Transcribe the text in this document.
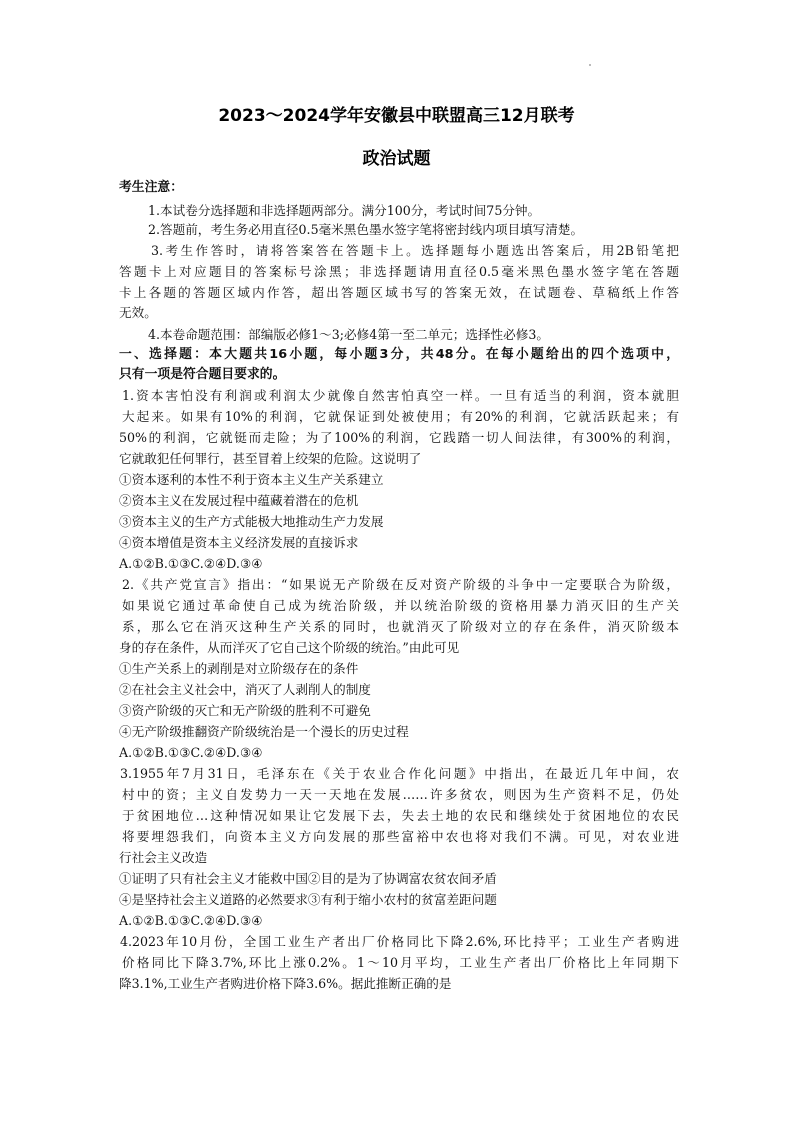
2023～2024学年安徽县中联盟高三12月联考
政治试题
考生注意：
1.本试卷分选择题和非选择题两部分。满分100分，考试时间75分钟。
2.答题前，考生务必用直径0.5毫米黑色墨水签字笔将密封线内项目填写清楚。
3.考生作答时，请将答案答在答题卡上。选择题每小题选出答案后，用2B铅笔把
答题卡上对应题目的答案标号涂黑；非选择题请用直径0.5毫米黑色墨水签字笔在答题
卡上各题的答题区域内作答，超出答题区域书写的答案无效，在试题卷、草稿纸上作答
无效。
4.本卷命题范围：部编版必修1～3;必修4第一至二单元；选择性必修3。
一、选择题：本大题共16小题，每小题3分，共48分。在每小题给出的四个选项中，
只有一项是符合题目要求的。
1.资本害怕没有利润或利润太少就像自然害怕真空一样。一旦有适当的利润，资本就胆
大起来。如果有10%的利润，它就保证到处被使用；有20%的利润，它就活跃起来；有
50%的利润，它就铤而走险；为了100%的利润，它践踏一切人间法律，有300%的利润，
它就敢犯任何罪行，甚至冒着上绞架的危险。这说明了
①资本逐利的本性不利于资本主义生产关系建立
②资本主义在发展过程中蕴藏着潜在的危机
③资本主义的生产方式能极大地推动生产力发展
④资本增值是资本主义经济发展的直接诉求
A.①②B.①③C.②④D.③④
2.《共产党宣言》指出：“如果说无产阶级在反对资产阶级的斗争中一定要联合为阶级，
如果说它通过革命使自己成为统治阶级，并以统治阶级的资格用暴力消灭旧的生产关
系，那么它在消灭这种生产关系的同时，也就消灭了阶级对立的存在条件，消灭阶级本
身的存在条件，从而洋灭了它自己这个阶级的统治。”由此可见
①生产关系上的剥削是对立阶级存在的条件
②在社会主义社会中，消灭了人剥削人的制度
③资产阶级的灭亡和无产阶级的胜利不可避免
④无产阶级推翻资产阶级统治是一个漫长的历史过程
A.①②B.①③C.②④D.③④
3.1955年7月31日，毛泽东在《关于农业合作化问题》中指出，在最近几年中间，农
村中的资；主义自发势力一天一天地在发展……许多贫农，则因为生产资料不足，仍处
于贫困地位…这种情况如果让它发展下去，失去土地的农民和继续处于贫困地位的农民
将要埋怨我们，向资本主义方向发展的那些富裕中农也将对我们不满。可见，对农业进
行社会主义改造
①证明了只有社会主义才能救中国②目的是为了协调富农贫农间矛盾
④是坚持社会主义道路的必然要求③有利于缩小农村的贫富差距问题
A.①②B.①③C.②④D.③④
4.2023年10月份，全国工业生产者出厂价格同比下降2.6%,环比持平；工业生产者购进
价格同比下降3.7%,环比上涨0.2%。1～10月平均，工业生产者出厂价格比上年同期下
降3.1%,工业生产者购进价格下降3.6%。据此推断正确的是
